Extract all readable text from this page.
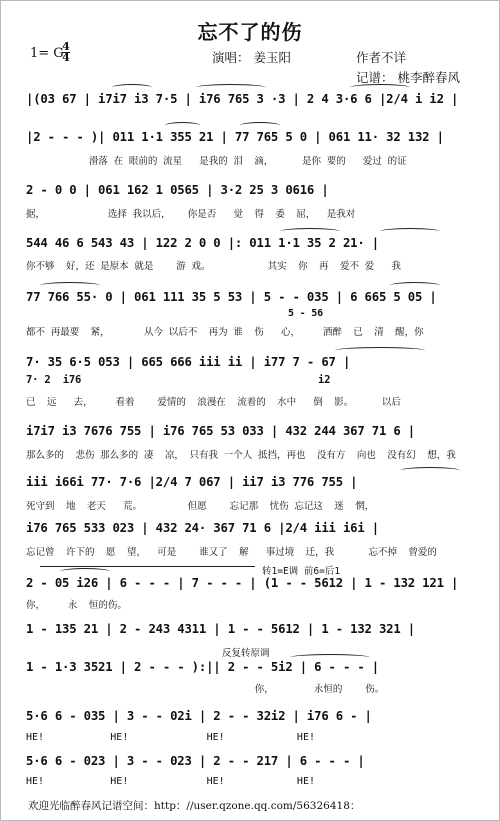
忘不了的伤
1= G
4
4	演唱： 姜玉阳	作者不详
记谱： 桃李醉春风
|(03 67 | i7i7 i3 7·5 | i76 765 3 ·3 | 2 4 3·6 6 |2/4 i i2 |
|2 - - - )| 011 1·1 355 21 | 77 765 5 0 | 061 11· 32 132 |
滑落 在 眼前的 流星   是我的 泪  滴，     是你 要的   爱过 的证
2 - 0 0 | 061 162 1 0565 | 3·2 25 3 0616 |
据，           选择 我以后，   你是否   觉  得  委  屈，  是我对
544 46 6 543 43 | 122 2 0 0 |: 011 1·1 35 2 21· |
你不够  好，还 是原本 就是    游 戏。          其实  你  再  爱不 爱   我
77 766 55· 0 | 061 111 35 5 53 | 5 - - 035 | 6 665 5 05 |
5 - 56
都不 再最要  紧，      从今 以后不  再为 谁  伤   心，    洒醉  已  清  醒，你
7· 35 6·5 053 | 665 666 iii ii | i77 7 - 67 |
7· 2  i76	i2
已  远   去，    看着    爱情的  浪漫在  流着的  水中   倒  影。     以后
i7i7 i3 7676 755 | i76 765 53 033 | 432 244 367 71 6 |
那么多的  悲伤 那么多的 凄  凉， 只有我 一个人 抵挡，再也  没有方  向也  没有幻  想，我
iii i66i 77· 7·6 |2/4 7 067 | ii7 i3 776 755 |
死守到  地  老天   荒。        但愿    忘记那  忧伤 忘记这  迷  惘，
i76 765 533 023 | 432 24· 367 71 6 |2/4 iii i6i |
忘记曾  许下的  愿  望，  可是    谁又了  解   事过境  迁，我      忘不掉  曾爱的
转1=E调 前6=后1
2 - 05 i26 | 6 - - - | 7 - - - | (1 - - 5612 | 1 - 132 121 |
你，    永  恒的伤。
1 - 135 21 | 2 - 243 4311 | 1 - - 5612 | 1 - 132 321 |
反复转原调
1 - 1·3 3521 | 2 - - - ):|| 2 - - 5i2 | 6 - - - |
你，       永恒的    伤。
5·6 6 - 035 | 3 - - 02i | 2 - - 32i2 | i76 6 - |
HE!           HE!             HE!            HE!
5·6 6 - 023 | 3 - - 023 | 2 - - 217 | 6 - - - |
HE!           HE!             HE!            HE!
欢迎光临醉春风记谱空间：http：//user.qzone.qq.com/56326418：
